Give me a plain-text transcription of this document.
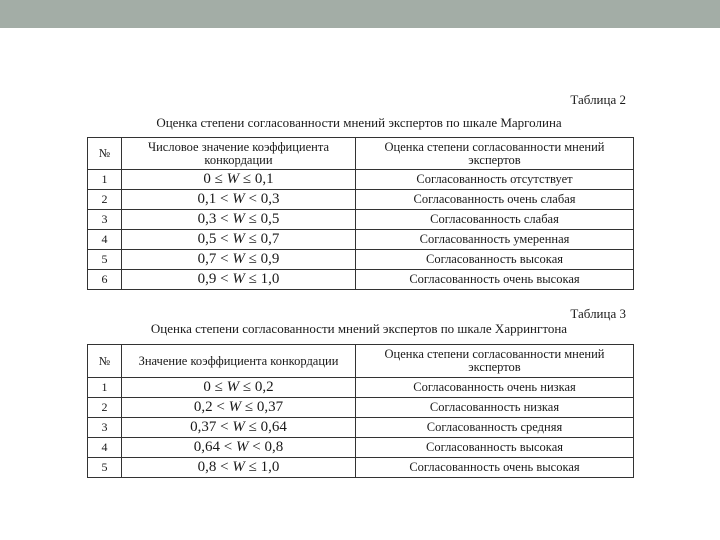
Таблица 2
Оценка степени согласованности мнений экспертов по шкале Марголина
№	Числовое значение коэффициента конкордации	Оценка степени согласованности мнений экспертов
1	0 ≤ W ≤ 0,1	Согласованность отсутствует
2	0,1 < W < 0,3	Согласованность очень слабая
3	0,3 < W ≤ 0,5	Согласованность слабая
4	0,5 < W ≤ 0,7	Согласованность умеренная
5	0,7 < W ≤ 0,9	Согласованность высокая
6	0,9 < W ≤ 1,0	Согласованность очень высокая
Таблица 3
Оценка степени согласованности мнений экспертов по шкале Харрингтона
№	Значение коэффициента конкордации	Оценка степени согласованности мнений экспертов
1	0 ≤ W ≤ 0,2	Согласованность очень низкая
2	0,2 < W ≤ 0,37	Согласованность низкая
3	0,37 < W ≤ 0,64	Согласованность средняя
4	0,64 < W < 0,8	Согласованность высокая
5	0,8 < W ≤ 1,0	Согласованность очень высокая
